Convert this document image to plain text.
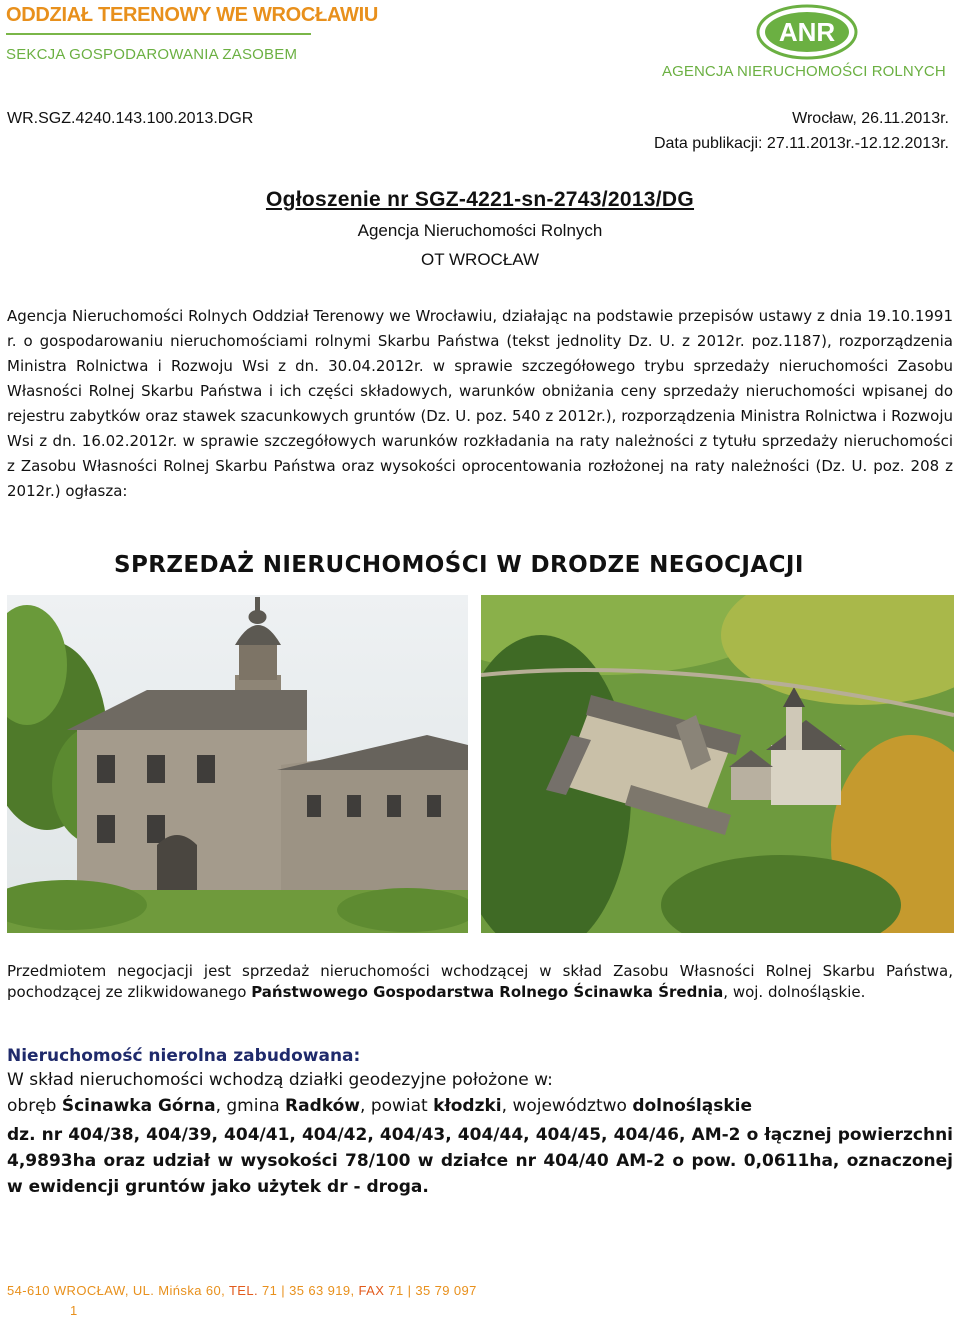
ODDZIAŁ TERENOWY WE WROCŁAWIU
SEKCJA GOSPODAROWANIA ZASOBEM
ANR
AGENCJA NIERUCHOMOŚCI ROLNYCH
WR.SGZ.4240.143.100.2013.DGR	Wrocław, 26.11.2013r.
Data publikacji: 27.11.2013r.-12.12.2013r.
Ogłoszenie nr SGZ-4221-sn-2743/2013/DG
Agencja Nieruchomości Rolnych
OT WROCŁAW
Agencja Nieruchomości Rolnych Oddział Terenowy we Wrocławiu, działając na podstawie przepisów ustawy z dnia 19.10.1991 r. o gospodarowaniu nieruchomościami rolnymi Skarbu Państwa (tekst jednolity Dz. U. z 2012r. poz.1187), rozporządzenia Ministra Rolnictwa i Rozwoju Wsi z dn. 30.04.2012r. w sprawie szczegółowego trybu sprzedaży nieruchomości Zasobu Własności Rolnej Skarbu Państwa i ich części składowych, warunków obniżania ceny sprzedaży nieruchomości wpisanej do rejestru zabytków oraz stawek szacunkowych gruntów (Dz. U. poz. 540 z 2012r.), rozporządzenia Ministra Rolnictwa i Rozwoju Wsi z dn. 16.02.2012r. w sprawie szczegółowych warunków rozkładania na raty należności z tytułu sprzedaży nieruchomości z Zasobu Własności Rolnej Skarbu Państwa oraz wysokości oprocentowania rozłożonej na raty należności (Dz. U. poz. 208 z 2012r.) ogłasza:
SPRZEDAŻ NIERUCHOMOŚCI W DRODZE NEGOCJACJI
Przedmiotem negocjacji jest sprzedaż nieruchomości wchodzącej w skład Zasobu Własności Rolnej Skarbu Państwa, pochodzącej ze zlikwidowanego Państwowego Gospodarstwa Rolnego Ścinawka Średnia, woj. dolnośląskie.
Nieruchomość nierolna zabudowana:
W skład nieruchomości wchodzą działki geodezyjne położone w:
obręb Ścinawka Górna, gmina Radków, powiat kłodzki, województwo dolnośląskie
dz. nr 404/38, 404/39, 404/41, 404/42, 404/43, 404/44, 404/45, 404/46, AM-2 o łącznej powierzchni 4,9893ha oraz udział w wysokości 78/100 w działce nr 404/40 AM-2 o pow. 0,0611ha, oznaczonej w ewidencji gruntów jako użytek dr - droga.
54-610 WROCŁAW, UL. Mińska 60, TEL. 71 | 35 63 919, FAX 71 | 35 79 097
1
